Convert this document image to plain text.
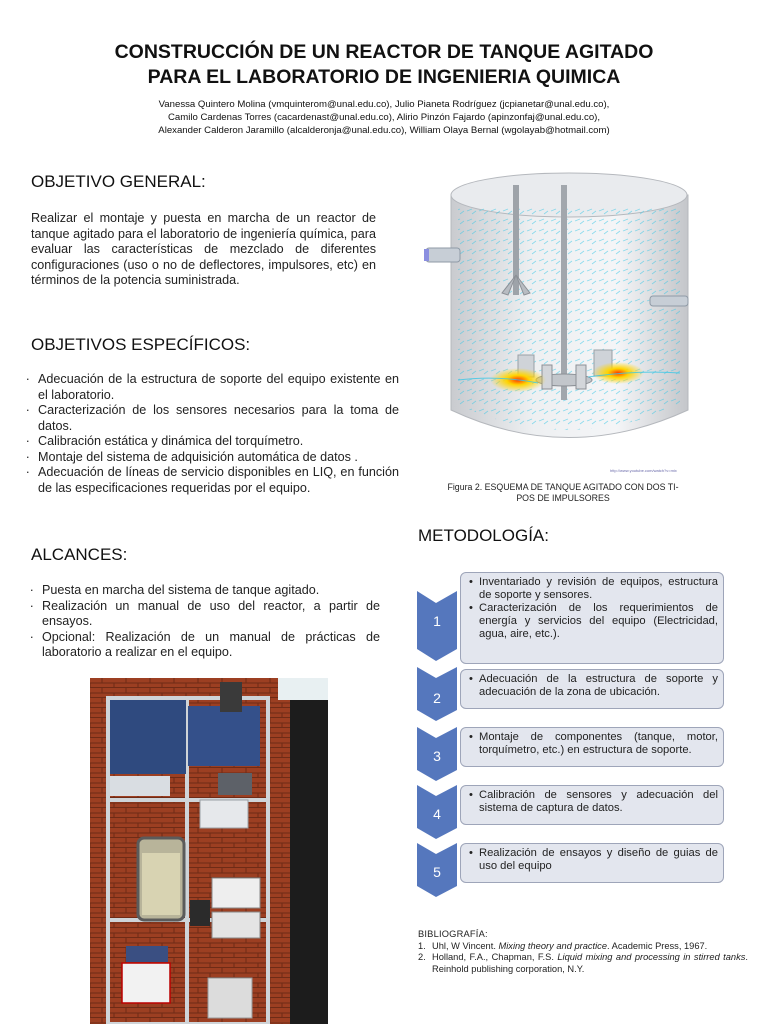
CONSTRUCCIÓN DE UN REACTOR DE TANQUE AGITADO
PARA EL LABORATORIO DE INGENIERIA QUIMICA
Vanessa Quintero Molina (vmquinterom@unal.edu.co), Julio Pianeta Rodríguez (jcpianetar@unal.edu.co),
Camilo Cardenas Torres (cacardenast@unal.edu.co), Alirio Pinzón Fajardo (apinzonfaj@unal.edu.co),
Alexander Calderon Jaramillo (alcalderonja@unal.edu.co), William Olaya Bernal (wgolayab@hotmail.com)
OBJETIVO GENERAL:

Realizar el montaje y puesta en marcha de un reactor de tanque agitado para el laboratorio de ingeniería química, para evaluar las características de mezclado de diferentes configuraciones (uso o no de deflectores, impulsores, etc) en términos de la potencia suministrada.

OBJETIVOS ESPECÍFICOS:
. Adecuación de la estructura de soporte del equipo existente en el laboratorio.
. Caracterización de los sensores necesarios para la toma de datos.
. Calibración estática y dinámica del torquímetro.
. Montaje del sistema de adquisición automática de datos .
. Adecuación de líneas de servicio disponibles en LIQ, en función de las especificaciones requeridas por el equipo.
ALCANCES:
. Puesta en marcha del sistema de tanque agitado.
. Realización un manual de uso del reactor, a partir de ensayos.
. Opcional: Realización de un manual de prácticas de laboratorio a realizar en el equipo.
http://www.youtube.com/watch?v=mix
Figura 2. ESQUEMA DE TANQUE AGITADO CON DOS TI-
POS DE IMPULSORES
METODOLOGÍA:
1
• Inventariado y revisión de equipos, estructura de soporte y sensores.
• Caracterización de los requerimientos de energía y servicios del equipo (Electricidad, agua, aire, etc.).
2
• Adecuación de la estructura de soporte y adecuación de la zona de ubicación.
3
• Montaje de componentes (tanque, motor, torquímetro, etc.) en estructura de soporte.
4
• Calibración de sensores y adecuación del sistema de captura de datos.
5
• Realización de ensayos y diseño de guias de uso del equipo
BIBLIOGRAFÍA:
1. Uhl, W Vincent. Mixing theory and practice. Academic Press, 1967.
2. Holland, F.A., Chapman, F.S. Liquid mixing and processing in stirred tanks. Reinhold publishing corporation, N.Y.
